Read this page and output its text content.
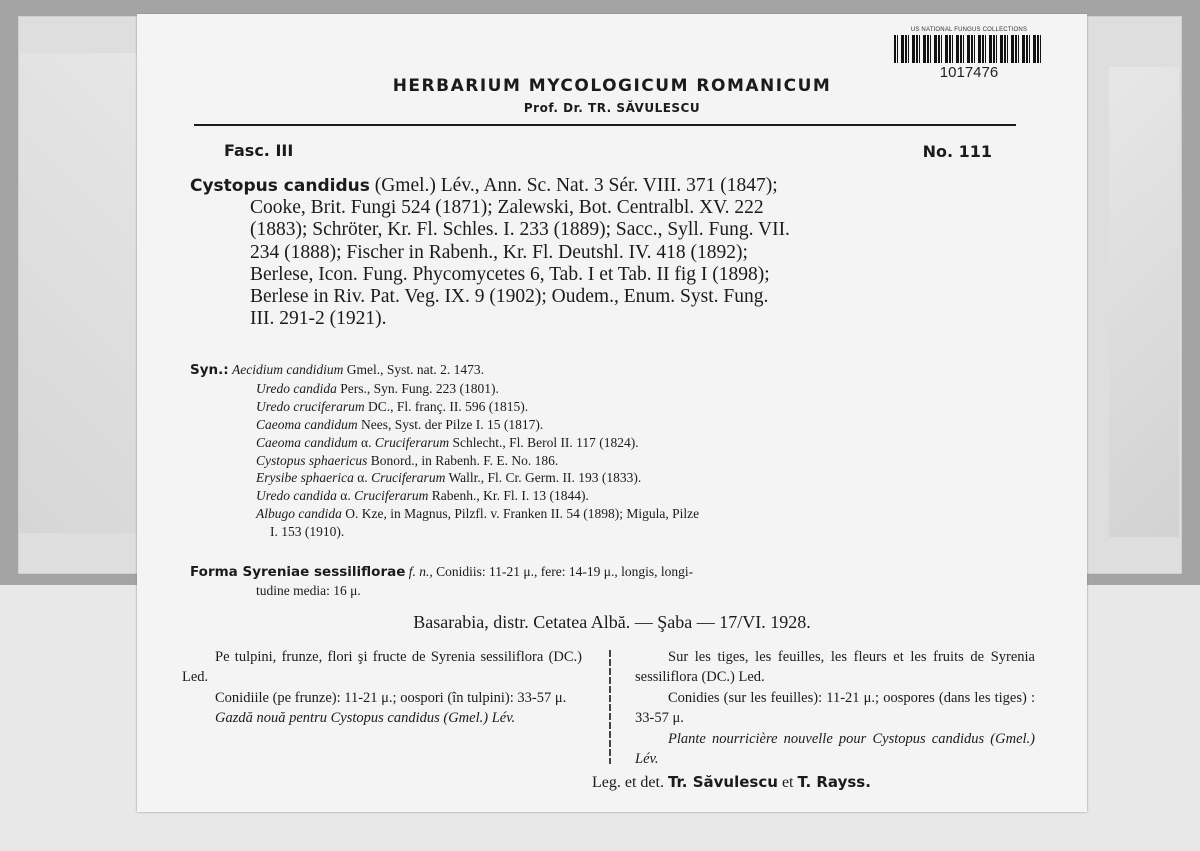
US NATIONAL FUNGUS COLLECTIONS
1017476
HERBARIUM MYCOLOGICUM ROMANICUM
Prof. Dr. TR. SĂVULESCU
Fasc. III	No. 111
Cystopus candidus (Gmel.) Lév., Ann. Sc. Nat. 3 Sér. VIII. 371 (1847);
Cooke, Brit. Fungi 524 (1871); Zalewski, Bot. Centralbl. XV. 222
(1883); Schröter, Kr. Fl. Schles. I. 233 (1889); Sacc., Syll. Fung. VII.
234 (1888); Fischer in Rabenh., Kr. Fl. Deutshl. IV. 418 (1892);
Berlese, Icon. Fung. Phycomycetes 6, Tab. I et Tab. II fig I (1898);
Berlese in Riv. Pat. Veg. IX. 9 (1902); Oudem., Enum. Syst. Fung.
III. 291-2 (1921).
Syn.: Aecidium candidium Gmel., Syst. nat. 2. 1473.
Uredo candida Pers., Syn. Fung. 223 (1801).
Uredo cruciferarum DC., Fl. franç. II. 596 (1815).
Caeoma candidum Nees, Syst. der Pilze I. 15 (1817).
Caeoma candidum α. Cruciferarum Schlecht., Fl. Berol II. 117 (1824).
Cystopus sphaericus Bonord., in Rabenh. F. E. No. 186.
Erysibe sphaerica α. Cruciferarum Wallr., Fl. Cr. Germ. II. 193 (1833).
Uredo candida α. Cruciferarum Rabenh., Kr. Fl. I. 13 (1844).
Albugo candida O. Kze, in Magnus, Pilzfl. v. Franken II. 54 (1898); Migula, Pilze
I. 153 (1910).
Forma Syreniae sessiliflorae f. n., Conidiis: 11-21 μ., fere: 14-19 μ., longis, longi-
tudine media: 16 μ.
Basarabia, distr. Cetatea Albă. — Şaba — 17/VI. 1928.
Pe tulpini, frunze, flori şi fructe de Syrenia sessiliflora (DC.) Led.
Conidiile (pe frunze): 11-21 μ.; oospori (în tulpini): 33-57 μ.
Gazdă nouă pentru Cystopus candidus (Gmel.) Lév.
Sur les tiges, les feuilles, les fleurs et les fruits de Syrenia sessiliflora (DC.) Led.
Conidies (sur les feuilles): 11-21 μ.; oospores (dans les tiges) : 33-57 μ.
Plante nourricière nouvelle pour Cystopus candidus (Gmel.) Lév.
Leg. et det. Tr. Săvulescu et T. Rayss.
